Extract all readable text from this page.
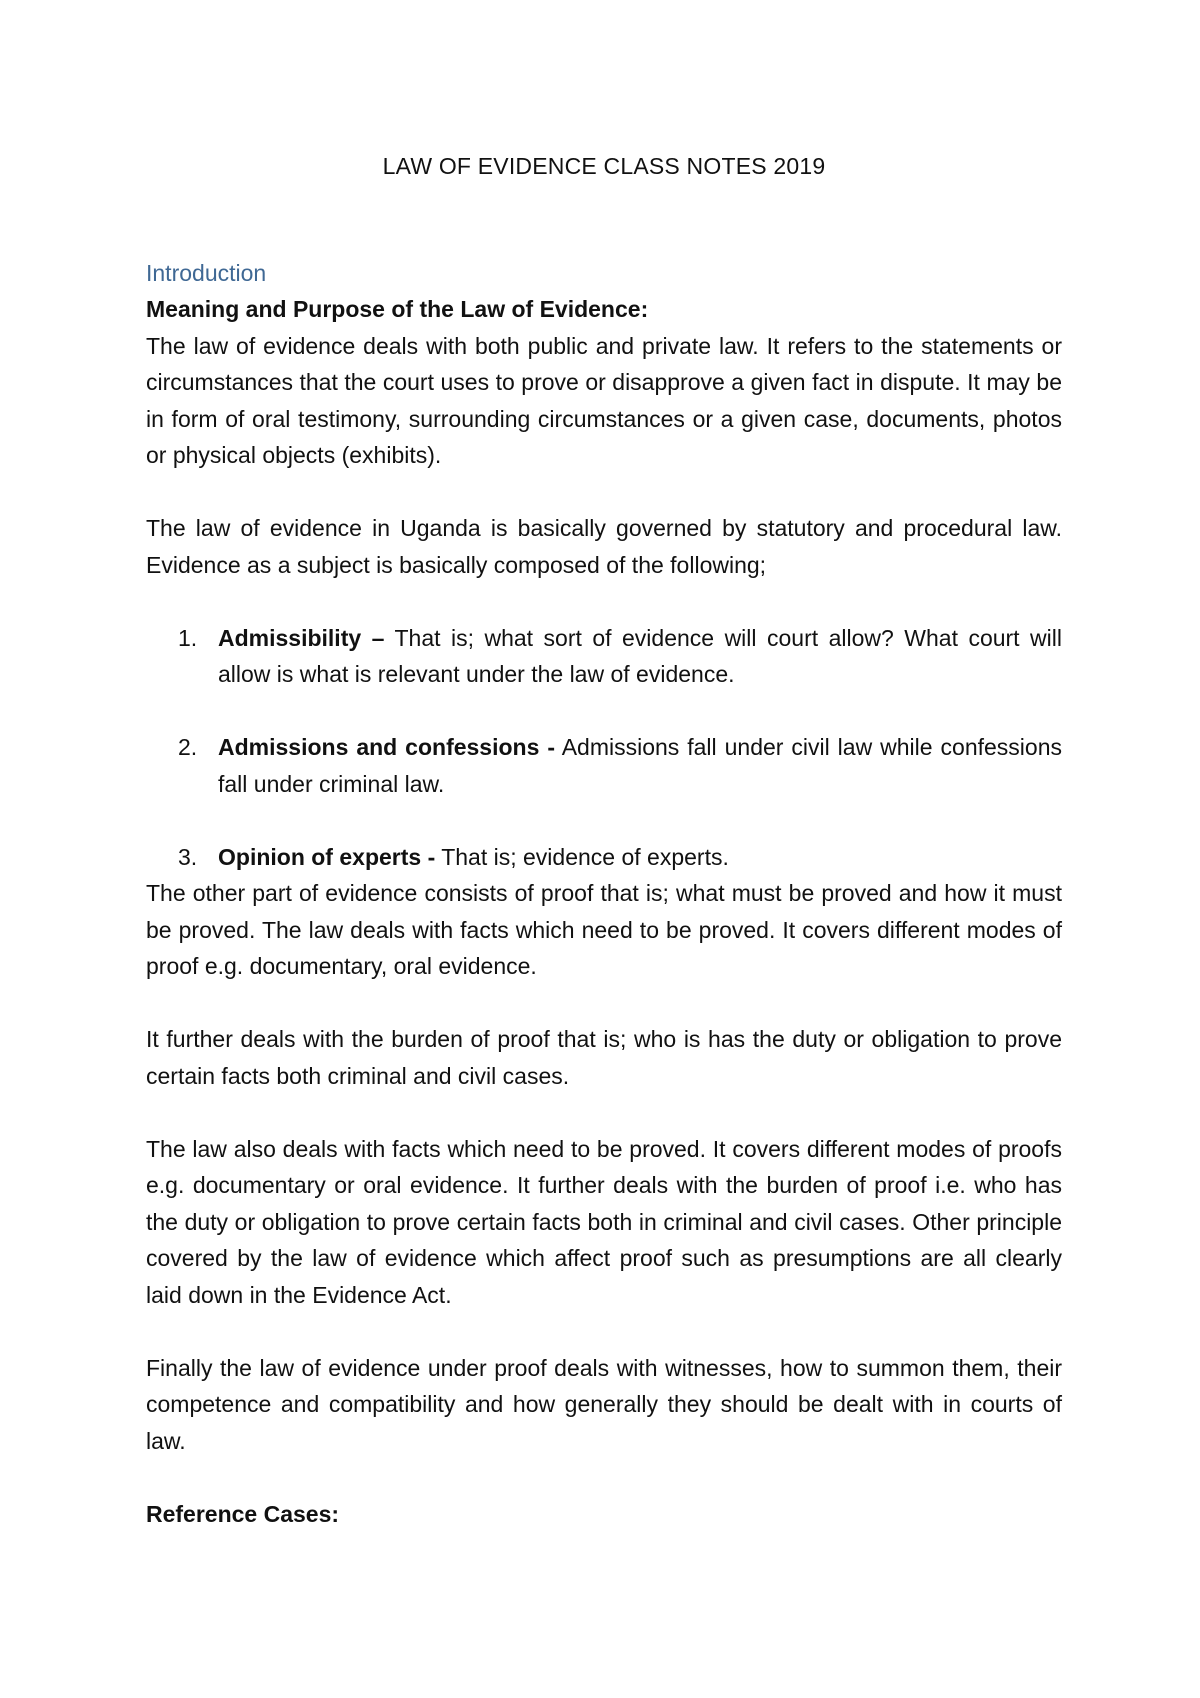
LAW OF EVIDENCE CLASS NOTES 2019
Introduction
Meaning and Purpose of the Law of Evidence:

The law of evidence deals with both public and private law. It refers to the statements or circumstances that the court uses to prove or disapprove a given fact in dispute. It may be in form of oral testimony, surrounding circumstances or a given case, documents, photos or physical objects (exhibits).

The law of evidence in Uganda is basically governed by statutory and procedural law. Evidence as a subject is basically composed of the following;

1. Admissibility – That is; what sort of evidence will court allow? What court will allow is what is relevant under the law of evidence.
2. Admissions and confessions - Admissions fall under civil law while confessions fall under criminal law.
3. Opinion of experts - That is; evidence of experts.

The other part of evidence consists of proof that is; what must be proved and how it must be proved. The law deals with facts which need to be proved. It covers different modes of proof e.g. documentary, oral evidence.

It further deals with the burden of proof that is; who is has the duty or obligation to prove certain facts both criminal and civil cases.

The law also deals with facts which need to be proved. It covers different modes of proofs e.g. documentary or oral evidence. It further deals with the burden of proof i.e. who has the duty or obligation to prove certain facts both in criminal and civil cases. Other principle covered by the law of evidence which affect proof such as presumptions are all clearly laid down in the Evidence Act.

Finally the law of evidence under proof deals with witnesses, how to summon them, their competence and compatibility and how generally they should be dealt with in courts of law.

Reference Cases:
